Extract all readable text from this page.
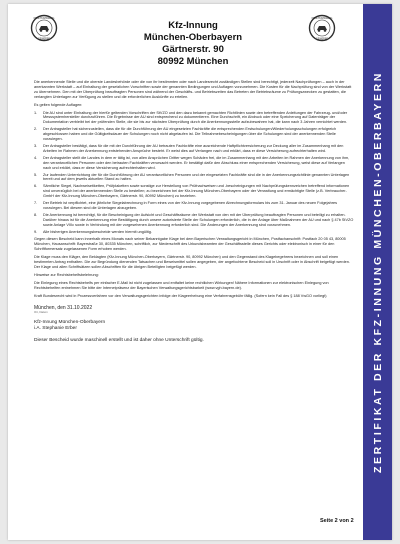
KRAFTFAHRZEUG
GEWERBE
Kfz-Innung
München-Oberbayern
Gärtnerstr. 90
80992 München
KRAFTFAHRZEUG
GEWERBE

Die anerkennende Stelle und die oberste Landesbehörde oder die von ihr bestimmten oder nach Landesrecht zuständigen Stellen sind berechtigt, jederzeit Nachprüfungen – auch in der anerkannten Werkstatt – auf Einhaltung der gesetzlichen Vorschriften sowie der genannten Bedingungen und Auflagen vorzunehmen. Die Kosten für die Nachprüfung sind von der Werkstatt zu übernehmen. Den mit der Überprüfung beauftragten Personen sind während der Geschäfts- und Betriebszeiten das Betreten der Betriebsräume zu Prüfungszwecken zu gestatten, die verlangten Unterlagen zur Verfügung zu stellen und die erforderlichen Auskünfte zu erteilen.

Es gelten folgende Auflagen:

1. Die AU sind unter Einhaltung der hierfür geltenden Vorschriften der StVZO und den dazu bekannt gemachten Richtlinien sowie den betreffenden Anleitungen der Fahrzeug- und/oder Messsystemhersteller durchzuführen. Die Ergebnisse der AU sind entsprechend zu dokumentieren. Eine Durchschrift, ein Abdruck oder eine Speicherung auf Datenträger der Dokumentation verbleibt bei der prüfenden Stelle, die sie bis zur nächsten Überprüfung durch die Anerkennungsstelle aufzubewahren hat, die kann nach 3 Jahren vernichtet werden.
2. Der Antragsteller hat sicherzustellen, dass die für die Durchführung der AU eingesetzten Fachkräfte die entsprechenden Erstschulungen/Wiederholungsschulungen erfolgreich abgeschlossen haben und die Gültigkeitsdauer der Schulungen noch nicht abgelaufen ist. Die Teilnahmebescheinigungen über die Schulungen sind der anerkennenden Stelle vorzulegen.
3. Der Antragsteller bestätigt, dass für die mit der Durchführung der AU betrauten Fachkräfte eine ausreichende Haftpflichtversicherung zur Deckung aller im Zusammenhang mit den Arbeiten im Rahmen der Anerkennung entstehenden Ansprüche besteht. Er weist dies auf Verlangen nach und erklärt, dass er diese Versicherung aufrechterhalten wird.
4. Der Antragsteller stellt die Landes in dem er tätig ist, von allen Ansprüchen Dritter wegen Schäden frei, die im Zusammenhang mit den Arbeiten im Rahmen der Anerkennung von ihm, den verantwortlichen Personen oder den betrauten Fachkräften verursacht werden. Er bestätigt dafür den Abschluss einer entsprechenden Versicherung, weist diese auf Verlangen nach und erklärt, dass er diese Versicherung aufrechterhalten wird.
5. Zur laufenden Unterrichtung der für die Durchführung der AU verantwortlichen Personen und der eingesetzten Fachkräfte sind die in der Anerkennungsrichtlinie genannten Unterlagen bereit und auf dem jeweils aktuellen Stand zu halten.
6. Sämtliche Siegel, Nachweisetiketten, Prüfplaketten sowie sonstige zur Herstellung von Prüfnachweisen und -bescheinigungen mit Nachprüfungskennzeichen betreffend informationen sind unverzüglich bei der anerkennenden Stelle zu bestellen; zu bezeichnen bei der Kfz-Innung München-Oberbayern oder der Verwaltung und ermächtigte Stelle (z.B. Verbraucher-GmbH der Kfz-Innung München-Oberbayern, Gärtnerstr. 90, 80992 München) zu beziehen.
7. Der Betrieb ist verpflichtet, eine jährliche Siegelabrechnung in Form eines von der Kfz-Innung vorgegebenen Abrechnungsformulars bis zum 31. Januar des neuen Folgejahres vorzulegen. Bei diesem sind die Unterlagen abzugeben.
8. Die Anerkennung ist berechtigt, für die Bescheinigung der Aufsicht und Geschäftsräume der Werkstatt von den mit der Überprüfung beauftragten Personen und beteiligt zu erhalten. Darüber hinaus ist für die Anerkennung eine Bestätigung durch unsere autorisierte Stelle der Schulungen erforderlich, die in der Anlage über Maßnahmen der AU und nach § 47b StVZO sowie Anlage VIIIc sowie in Verbindung mit der vorgesehenen Anerkennung erforderlich sind. Die Änderungen der Anerkennung sind vorzunehmen.
9. Alle bisherigen Anerkennungsbescheide werden hiermit ungültig.

Gegen diesen Bescheid kann innerhalb eines Monats nach seiner Bekanntgabe Klage bei dem Bayerischen Verwaltungsgericht in München, Postfachanschrift: Postfach 20 05 43, 80005 München, Hausanschrift: Bayerstraße 30, 80335 München, schriftlich, zur Niederschrift des Urkundsbeamten der Geschäftsstelle dieses Gerichts oder elektronisch in einer für den Schriftformersatz zugelassenen Form erhoben werden.

Die Klage muss den Kläger, den Beklagten (Kfz-Innung München-Oberbayern, Gärtnerstr. 90, 80992 München) und den Gegenstand des Klagebegehrens bezeichnen und soll einen bestimmten Antrag enthalten. Die zur Begründung dienenden Tatsachen und Beweismittel sollen angegeben, der angefochtene Bescheid soll in Urschrift oder in Abschrift beigefügt werden. Der Klage und allen Schriftsätzen sollen Abschriften für die übrigen Beteiligten beigefügt werden.

Hinweise zur Rechtsbehelfsbelehrung:

Die Einlegung eines Rechtsbehelfs per einfacher E-Mail ist nicht zugelassen und entfaltet keine rechtlichen Wirkungen! Nähere Informationen zur elektronischen Einlegung von Rechtsbehelfen entnehmen Sie bitte der Internetpräsenz der Bayerischen Verwaltungsgerichtsbarkeit (www.vgh.bayern.de).

Kraft Bundesrecht wird in Prozessverfahren vor den Verwaltungsgerichten infolge der Klageerhebung eine Verfahrensgebühr fällig. (Sofern kein Fall des § 188 VwGO vorliegt)

München, den 31.10.2022
Ort, Datum
Kfz-Innung München-Oberbayern
i.A. Stephanie Erber
Dieser Bescheid wurde maschinell erstellt und ist daher ohne Unterschrift gültig.
Seite 2 von 2
ZERTIFIKAT DER KFZ-INNUNG MÜNCHEN-OBERBAYERN
